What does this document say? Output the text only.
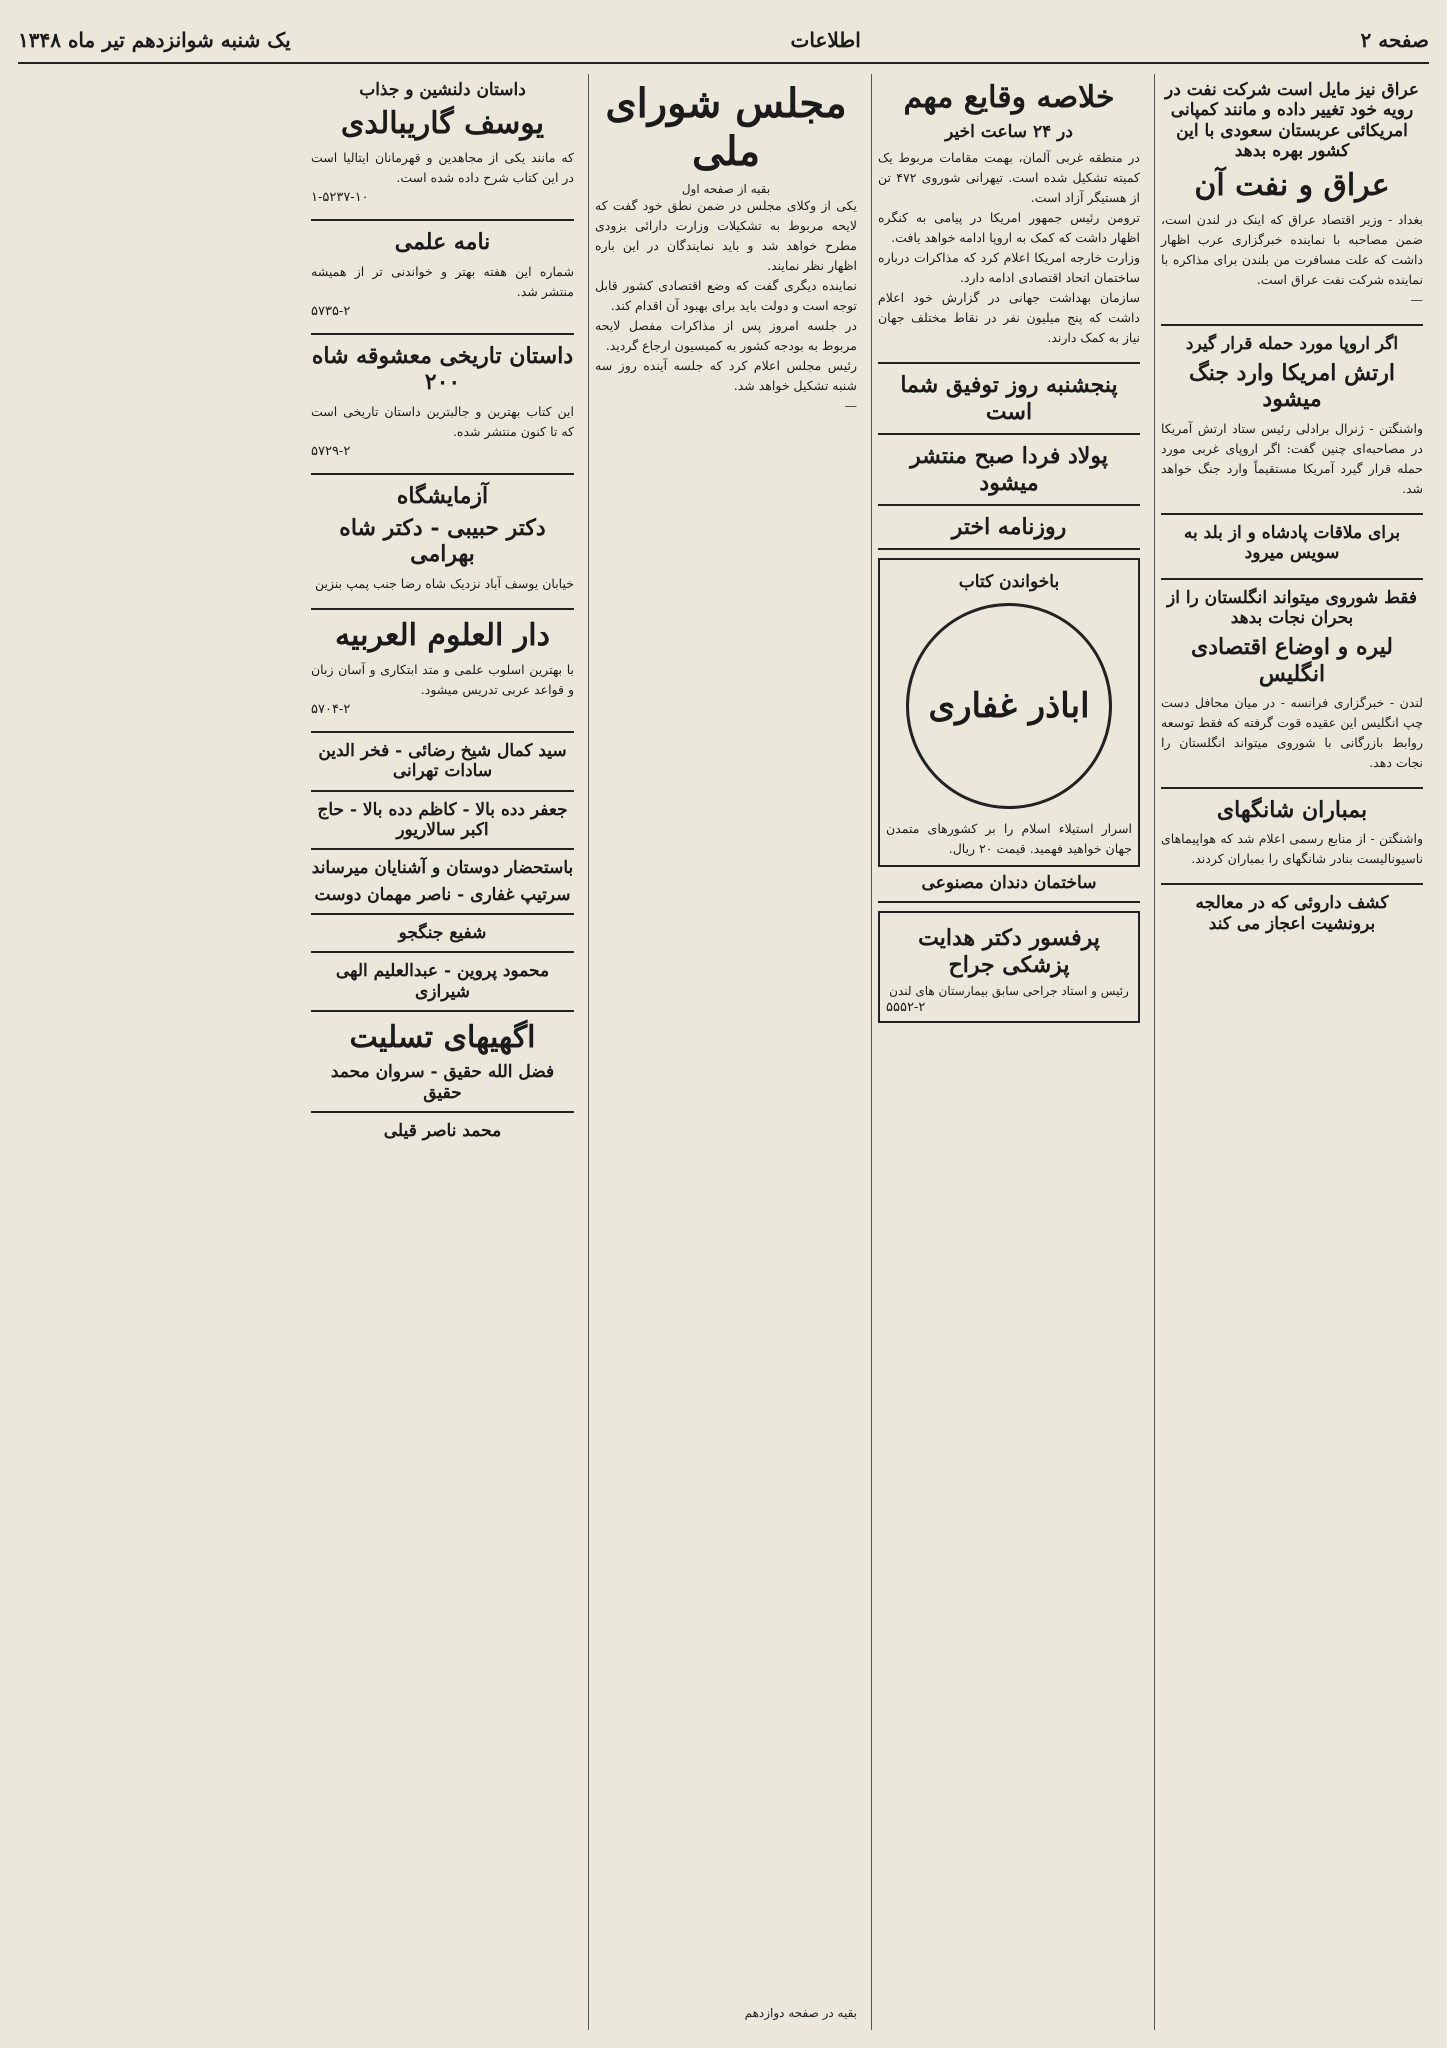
صفحه ۲
اطلاعات
یک شنبه شوانزدهم تیر ماه ۱۳۴۸
عراق نیز مایل است شرکت نفت در رویه خود تغییر داده و مانند کمپانی امریکائی عربستان سعودی با این کشور بهره بدهد
عراق و نفت آن
بغداد - وزیر اقتصاد عراق که اینک در لندن است، ضمن مصاحبه با نماینده خبرگزاری عرب اظهار داشت که علت مسافرت من بلندن برای مذاکره با نماینده شرکت نفت عراق است.
—
اگر اروپا مورد حمله قرار گیرد
ارتش امریکا وارد جنگ میشود
واشنگتن - ژنرال برادلی رئیس ستاد ارتش آمریکا در مصاحبه‌ای چنین گفت: اگر اروپای غربی مورد حمله قرار گیرد آمریکا مستقیماً وارد جنگ خواهد شد.
برای ملاقات پادشاه و از بلد به سویس میرود
فقط شوروی میتواند انگلستان را از بحران نجات بدهد
لیره و اوضاع اقتصادی انگلیس
لندن - خبرگزاری فرانسه - در میان محافل دست چپ انگلیس این عقیده قوت گرفته که فقط توسعه روابط بازرگانی با شوروی میتواند انگلستان را نجات دهد.
بمباران شانگهای
واشنگتن - از منابع رسمی اعلام شد که هواپیماهای ناسیونالیست بنادر شانگهای را بمباران کردند.
کشف داروئی که در معالجه برونشیت اعجاز می کند
خلاصه وقایع مهم
در ۲۴ ساعت اخیر
در منطقه غربی آلمان، بهمت مقامات مربوط یک کمیته تشکیل شده است. تیهرانی شوروی ۴۷۲ تن از هستیگر آزاد است.
ترومن رئیس جمهور امریکا در پیامی به کنگره اظهار داشت که کمک به اروپا ادامه خواهد یافت.
وزارت خارجه امریکا اعلام کرد که مذاکرات درباره ساختمان اتحاد اقتصادی ادامه دارد.
سازمان بهداشت جهانی در گزارش خود اعلام داشت که پنج میلیون نفر در نقاط مختلف جهان نیاز به کمک دارند.
پنجشنبه روز توفیق شما است
پولاد فردا صبح منتشر میشود
روزنامه اختر
باخواندن کتاب
اباذر غفاری
اسرار استیلاء اسلام را بر کشورهای متمدن جهان خواهید فهمید. قیمت ۲۰ ریال.
ساختمان دندان مصنوعی
پرفسور دکتر هدایت پزشکی جراح
رئیس و استاد جراحی سابق بیمارستان های لندن
۵۵۵۲-۲
مجلس شورای ملی
بقیه از صفحه اول
یکی از وکلای مجلس در ضمن نطق خود گفت که لایحه مربوط به تشکیلات وزارت دارائی بزودی مطرح خواهد شد و باید نمایندگان در این باره اظهار نظر نمایند.
نماینده دیگری گفت که وضع اقتصادی کشور قابل توجه است و دولت باید برای بهبود آن اقدام کند.
در جلسه امروز پس از مذاکرات مفصل لایحه مربوط به بودجه کشور به کمیسیون ارجاع گردید.
رئیس مجلس اعلام کرد که جلسه آینده روز سه شنبه تشکیل خواهد شد.
—
بقیه در صفحه دوازدهم
داستان دلنشین و جذاب
یوسف گاریبالدی
که مانند یکی از مجاهدین و قهرمانان ایتالیا است در این کتاب شرح داده شده است.
۱-۵۲۳۷-۱۰
نامه علمی
شماره این هفته بهتر و خواندنی تر از همیشه منتشر شد.
۵۷۳۵-۲
داستان تاریخی معشوقه شاه ۲۰۰
این کتاب بهترین و جالبترین داستان تاریخی است که تا کنون منتشر شده.
۵۷۲۹-۲
آزمایشگاه
دکتر حبیبی - دکتر شاه بهرامی
خیابان یوسف آباد نزدیک شاه رضا جنب پمپ بنزین
دار العلوم العربیه
با بهترین اسلوب علمی و متد ابتکاری و آسان زبان و قواعد عربی تدریس میشود.
۵۷۰۴-۲
سید کمال شیخ رضائی - فخر الدین سادات تهرانی
جعفر دده بالا - کاظم دده بالا - حاج اکبر سالاریور
باستحضار دوستان و آشنایان میرساند
سرتیپ غفاری - ناصر مهمان دوست
شفیع جنگجو
محمود پروین - عبدالعلیم الهی شیرازی
اگهیهای تسلیت
فضل الله حقیق - سروان محمد حقیق
محمد ناصر قیلی
